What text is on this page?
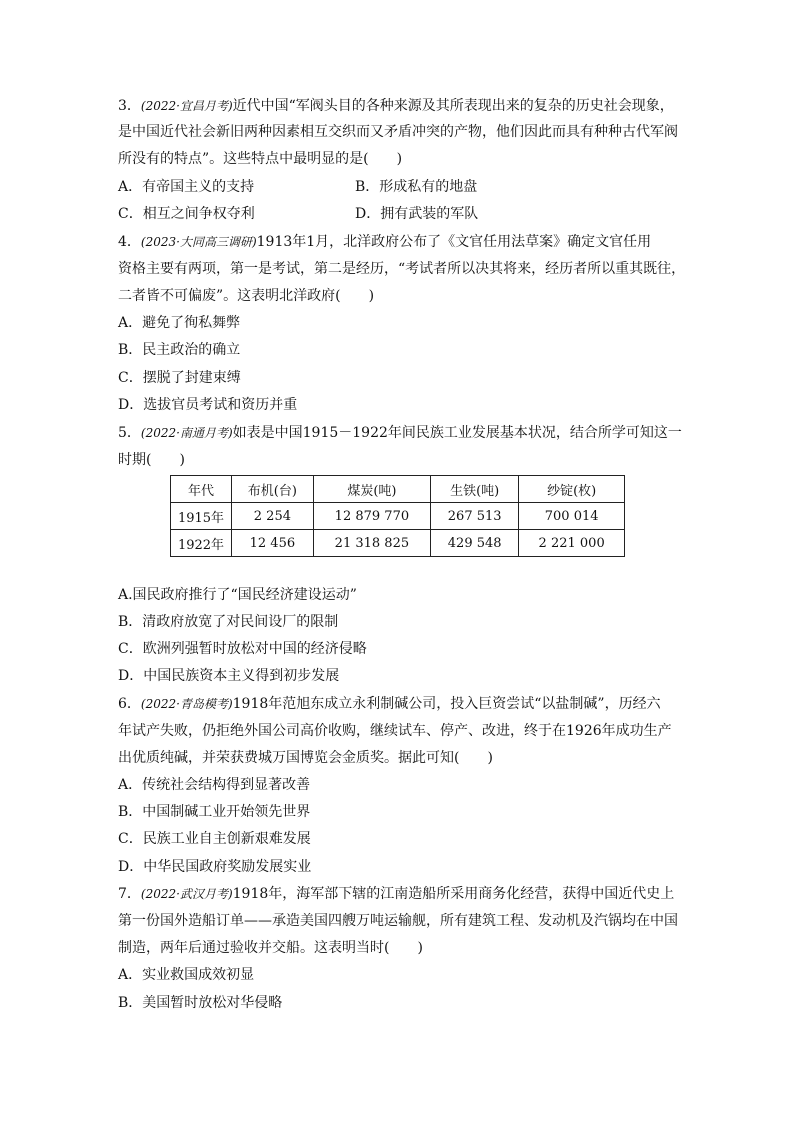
3．(2022·宜昌月考)近代中国“军阀头目的各种来源及其所表现出来的复杂的历史社会现象，
是中国近代社会新旧两种因素相互交织而又矛盾冲突的产物，他们因此而具有种种古代军阀
所没有的特点”。这些特点中最明显的是(　　)
A．有帝国主义的支持	B．形成私有的地盘
C．相互之间争权夺利	D．拥有武装的军队
4．(2023·大同高三调研)1913年1月，北洋政府公布了《文官任用法草案》确定文官任用
资格主要有两项，第一是考试，第二是经历，“考试者所以决其将来，经历者所以重其既往，
二者皆不可偏废”。这表明北洋政府(　　)
A．避免了徇私舞弊
B．民主政治的确立
C．摆脱了封建束缚
D．选拔官员考试和资历并重
5．(2022·南通月考)如表是中国1915－1922年间民族工业发展基本状况，结合所学可知这一
时期(　　)
年代	布机(台)	煤炭(吨)	生铁(吨)	纱锭(枚)
1915年	2 254	12 879 770	267 513	700 014
1922年	12 456	21 318 825	429 548	2 221 000
A.国民政府推行了“国民经济建设运动”
B．清政府放宽了对民间设厂的限制
C．欧洲列强暂时放松对中国的经济侵略
D．中国民族资本主义得到初步发展
6．(2022·青岛模考)1918年范旭东成立永利制碱公司，投入巨资尝试“以盐制碱”，历经六
年试产失败，仍拒绝外国公司高价收购，继续试车、停产、改进，终于在1926年成功生产
出优质纯碱，并荣获费城万国博览会金质奖。据此可知(　　)
A．传统社会结构得到显著改善
B．中国制碱工业开始领先世界
C．民族工业自主创新艰难发展
D．中华民国政府奖励发展实业
7．(2022·武汉月考)1918年，海军部下辖的江南造船所采用商务化经营，获得中国近代史上
第一份国外造船订单——承造美国四艘万吨运输舰，所有建筑工程、发动机及汽锅均在中国
制造，两年后通过验收并交船。这表明当时(　　)
A．实业救国成效初显
B．美国暂时放松对华侵略
